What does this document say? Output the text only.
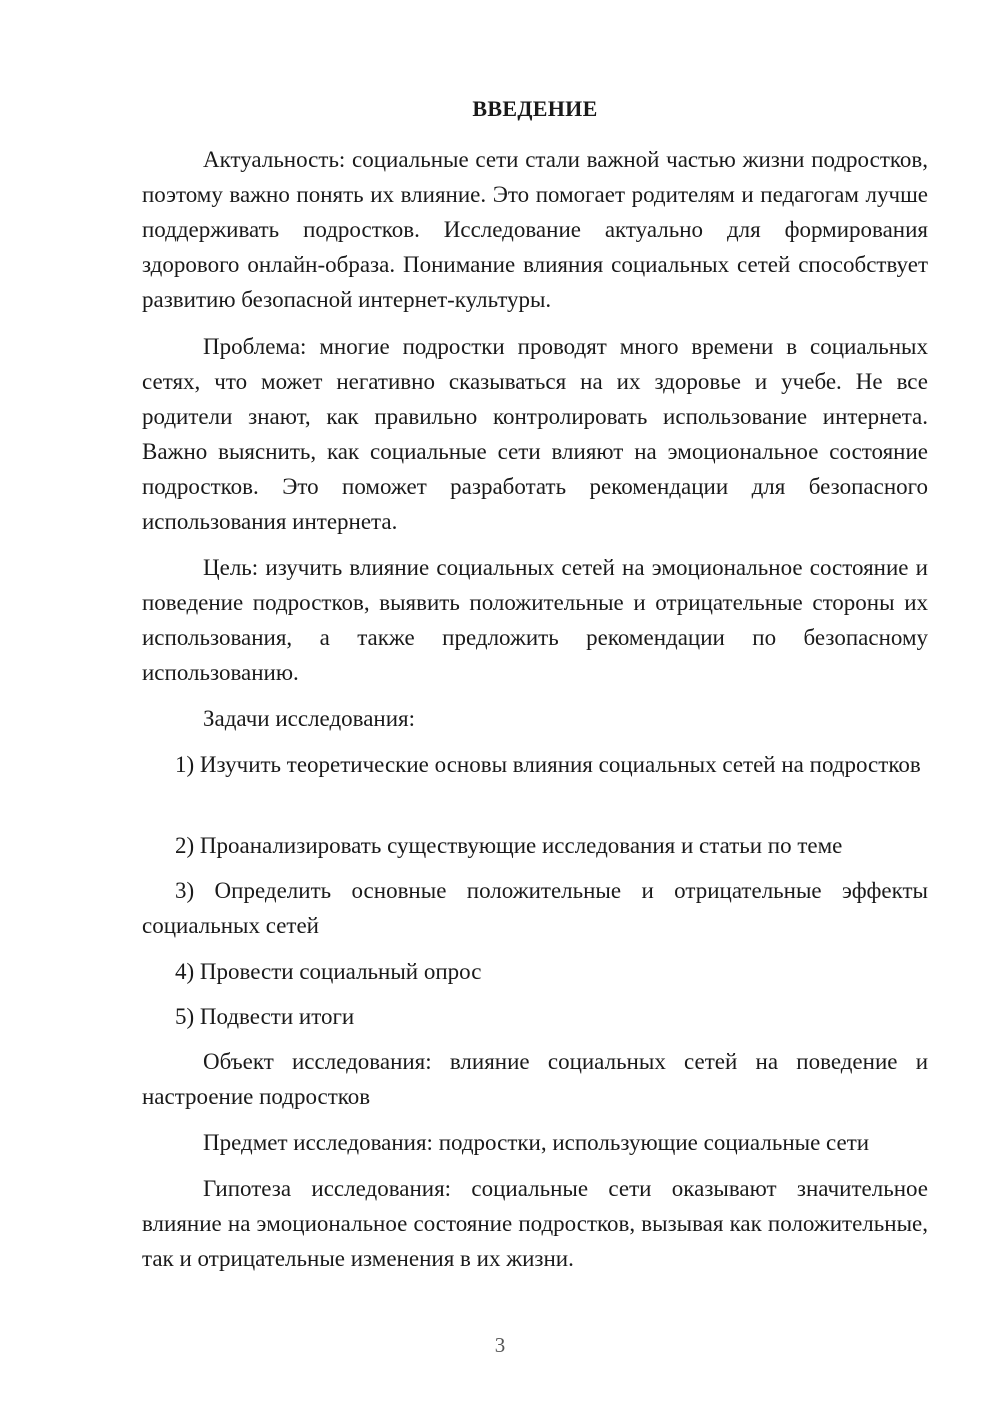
ВВЕДЕНИЕ
Актуальность: социальные сети стали важной частью жизни подростков, поэтому важно понять их влияние. Это помогает родителям и педагогам лучше поддерживать подростков. Исследование актуально для формирования здорового онлайн-образа. Понимание влияния социальных сетей способствует развитию безопасной интернет-культуры.
Проблема: многие подростки проводят много времени в социальных сетях, что может негативно сказываться на их здоровье и учебе. Не все родители знают, как правильно контролировать использование интернета. Важно выяснить, как социальные сети влияют на эмоциональное состояние подростков. Это поможет разработать рекомендации для безопасного использования интернета.
Цель: изучить влияние социальных сетей на эмоциональное состояние и поведение подростков, выявить положительные и отрицательные стороны их использования, а также предложить рекомендации по безопасному использованию.
Задачи исследования:
1) Изучить теоретические основы влияния социальных сетей на подростков
2) Проанализировать существующие исследования и статьи по теме
3) Определить основные положительные и отрицательные эффекты социальных сетей
4) Провести социальный опрос
5) Подвести итоги
Объект исследования: влияние социальных сетей на поведение и настроение подростков
Предмет исследования: подростки, использующие социальные сети
Гипотеза исследования: социальные сети оказывают значительное влияние на эмоциональное состояние подростков, вызывая как положительные, так и отрицательные изменения в их жизни.
3
